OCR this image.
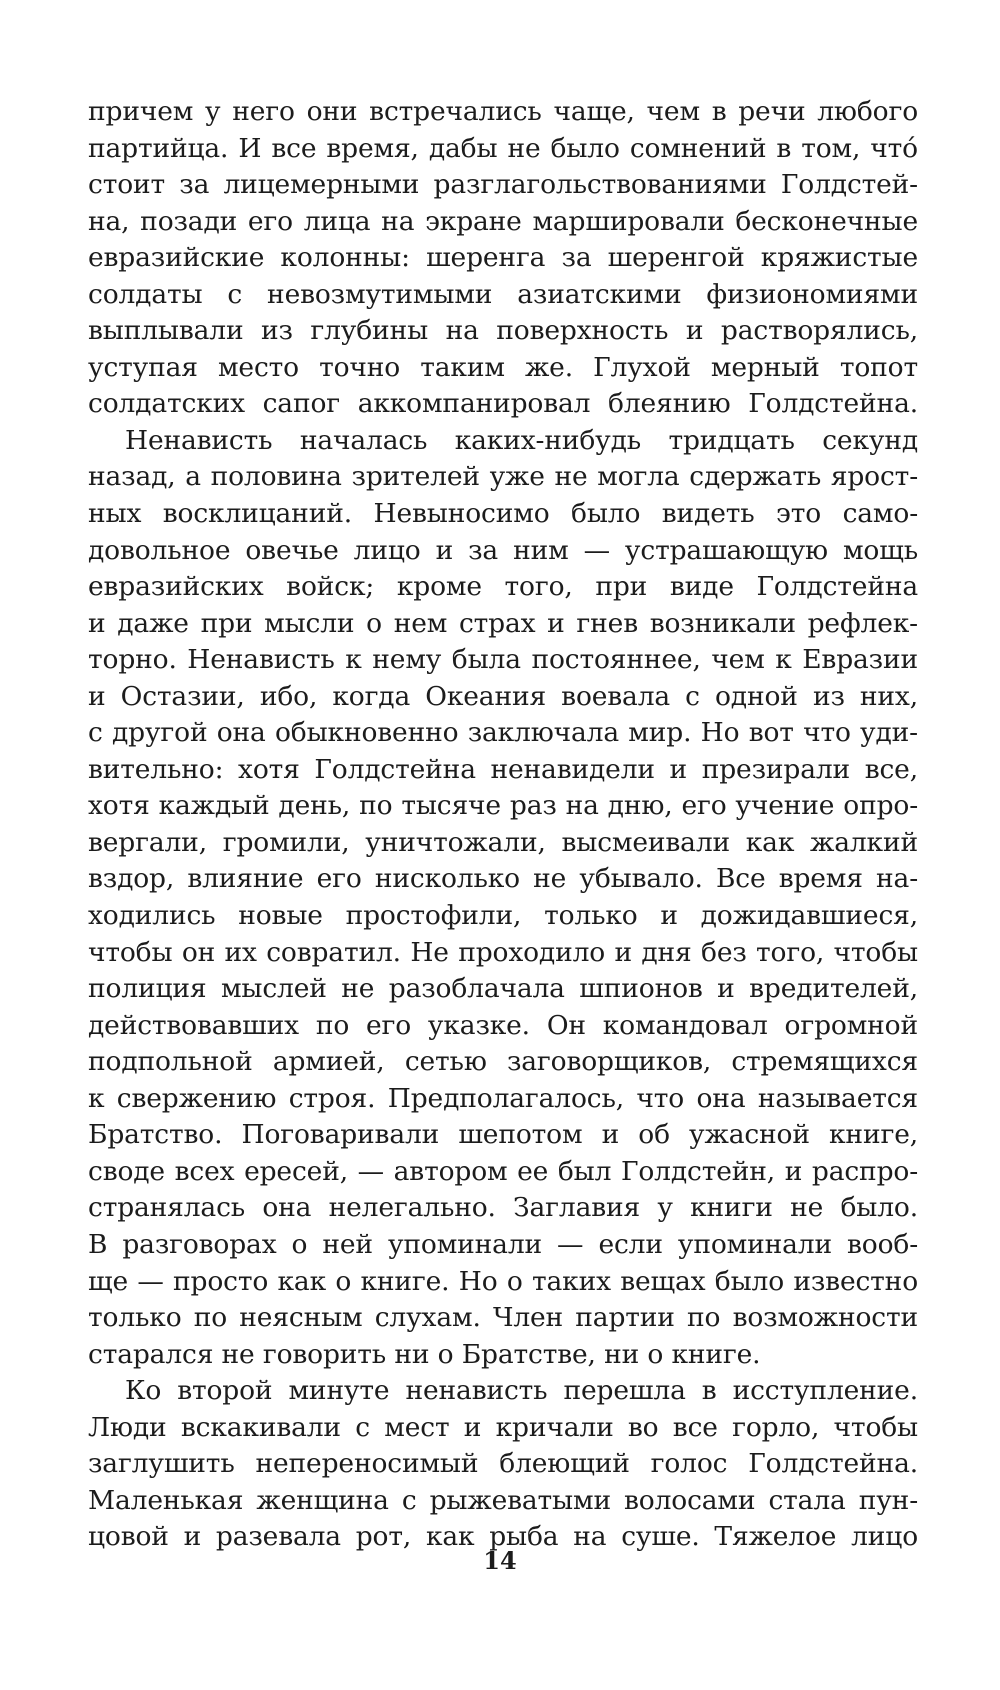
причем у него они встречались чаще, чем в речи любого
партийца. И все время, дабы не было сомнений в том, что́
стоит за лицемерными разглагольствованиями Голдстей-
на, позади его лица на экране маршировали бесконечные
евразийские колонны: шеренга за шеренгой кряжистые
солдаты с невозмутимыми азиатскими физиономиями
выплывали из глубины на поверхность и растворялись,
уступая место точно таким же. Глухой мерный топот
солдатских сапог аккомпанировал блеянию Голдстейна.
Ненависть началась каких-нибудь тридцать секунд
назад, а половина зрителей уже не могла сдержать ярост-
ных восклицаний. Невыносимо было видеть это само-
довольное овечье лицо и за ним — устрашающую мощь
евразийских войск; кроме того, при виде Голдстейна
и даже при мысли о нем страх и гнев возникали рефлек-
торно. Ненависть к нему была постояннее, чем к Евразии
и Остазии, ибо, когда Океания воевала с одной из них,
с другой она обыкновенно заключала мир. Но вот что уди-
вительно: хотя Голдстейна ненавидели и презирали все,
хотя каждый день, по тысяче раз на дню, его учение опро-
вергали, громили, уничтожали, высмеивали как жалкий
вздор, влияние его нисколько не убывало. Все время на-
ходились новые простофили, только и дожидавшиеся,
чтобы он их совратил. Не проходило и дня без того, чтобы
полиция мыслей не разоблачала шпионов и вредителей,
действовавших по его указке. Он командовал огромной
подпольной армией, сетью заговорщиков, стремящихся
к свержению строя. Предполагалось, что она называется
Братство. Поговаривали шепотом и об ужасной книге,
своде всех ересей, — автором ее был Голдстейн, и распро-
странялась она нелегально. Заглавия у книги не было.
В разговорах о ней упоминали — если упоминали вооб-
ще — просто как о книге. Но о таких вещах было известно
только по неясным слухам. Член партии по возможности
старался не говорить ни о Братстве, ни о книге.
Ко второй минуте ненависть перешла в исступление.
Люди вскакивали с мест и кричали во все горло, чтобы
заглушить непереносимый блеющий голос Голдстейна.
Маленькая женщина с рыжеватыми волосами стала пун-
цовой и разевала рот, как рыба на суше. Тяжелое лицо
14
